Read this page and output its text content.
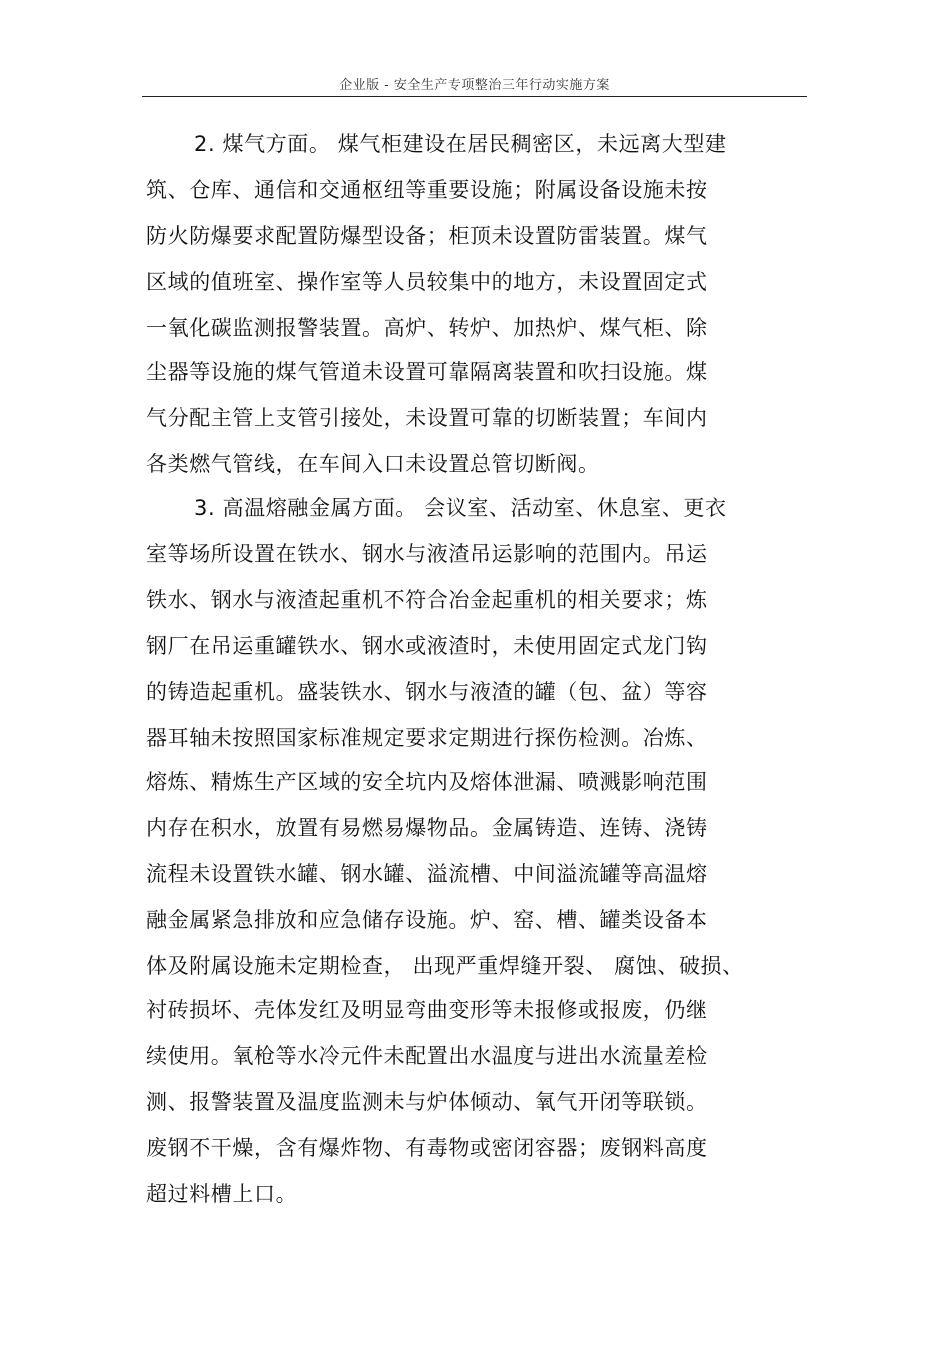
企业版 - 安全生产专项整治三年行动实施方案
2. 煤气方面。 煤气柜建设在居民稠密区，未远离大型建
筑、仓库、通信和交通枢纽等重要设施；附属设备设施未按
防火防爆要求配置防爆型设备；柜顶未设置防雷装置。煤气
区域的值班室、操作室等人员较集中的地方，未设置固定式
一氧化碳监测报警装置。高炉、转炉、加热炉、煤气柜、除
尘器等设施的煤气管道未设置可靠隔离装置和吹扫设施。煤
气分配主管上支管引接处，未设置可靠的切断装置；车间内
各类燃气管线，在车间入口未设置总管切断阀。
3. 高温熔融金属方面。 会议室、活动室、休息室、更衣
室等场所设置在铁水、钢水与液渣吊运影响的范围内。吊运
铁水、钢水与液渣起重机不符合冶金起重机的相关要求；炼
钢厂在吊运重罐铁水、钢水或液渣时，未使用固定式龙门钩
的铸造起重机。盛装铁水、钢水与液渣的罐（包、盆）等容
器耳轴未按照国家标准规定要求定期进行探伤检测。冶炼、
熔炼、精炼生产区域的安全坑内及熔体泄漏、喷溅影响范围
内存在积水，放置有易燃易爆物品。金属铸造、连铸、浇铸
流程未设置铁水罐、钢水罐、溢流槽、中间溢流罐等高温熔
融金属紧急排放和应急储存设施。炉、窑、槽、罐类设备本
体及附属设施未定期检查， 出现严重焊缝开裂、 腐蚀、破损、
衬砖损坏、壳体发红及明显弯曲变形等未报修或报废，仍继
续使用。氧枪等水冷元件未配置出水温度与进出水流量差检
测、报警装置及温度监测未与炉体倾动、氧气开闭等联锁。
废钢不干燥，含有爆炸物、有毒物或密闭容器；废钢料高度
超过料槽上口。
